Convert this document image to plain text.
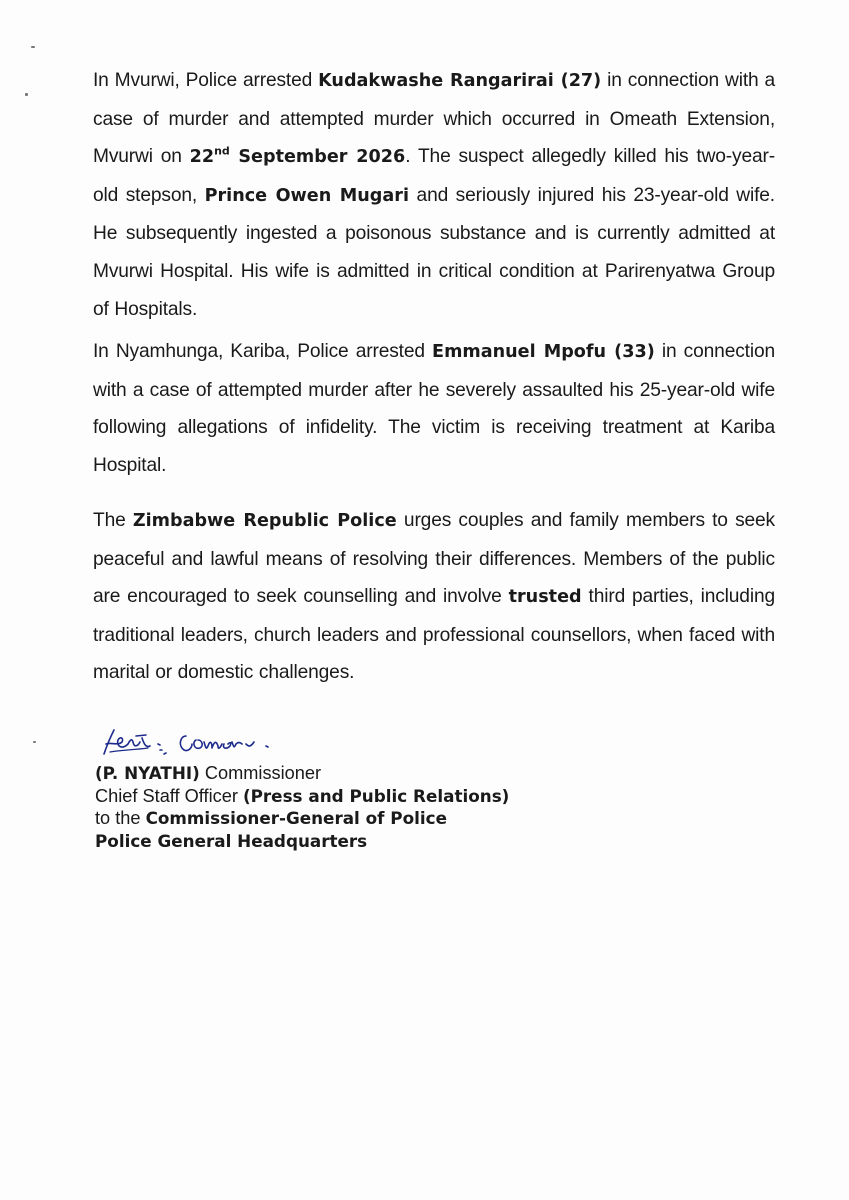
In Mvurwi, Police arrested Kudakwashe Rangarirai (27) in connection with a case of murder and attempted murder which occurred in Omeath Extension, Mvurwi on 22nd September 2026. The suspect allegedly killed his two-year-old stepson, Prince Owen Mugari and seriously injured his 23-year-old wife. He subsequently ingested a poisonous substance and is currently admitted at Mvurwi Hospital. His wife is admitted in critical condition at Parirenyatwa Group of Hospitals.

In Nyamhunga, Kariba, Police arrested Emmanuel Mpofu (33) in connection with a case of attempted murder after he severely assaulted his 25-year-old wife following allegations of infidelity. The victim is receiving treatment at Kariba Hospital.

The Zimbabwe Republic Police urges couples and family members to seek peaceful and lawful means of resolving their differences. Members of the public are encouraged to seek counselling and involve trusted third parties, including traditional leaders, church leaders and professional counsellors, when faced with marital or domestic challenges.

(P. NYATHI) Commissioner
Chief Staff Officer (Press and Public Relations)
to the Commissioner-General of Police
Police General Headquarters
